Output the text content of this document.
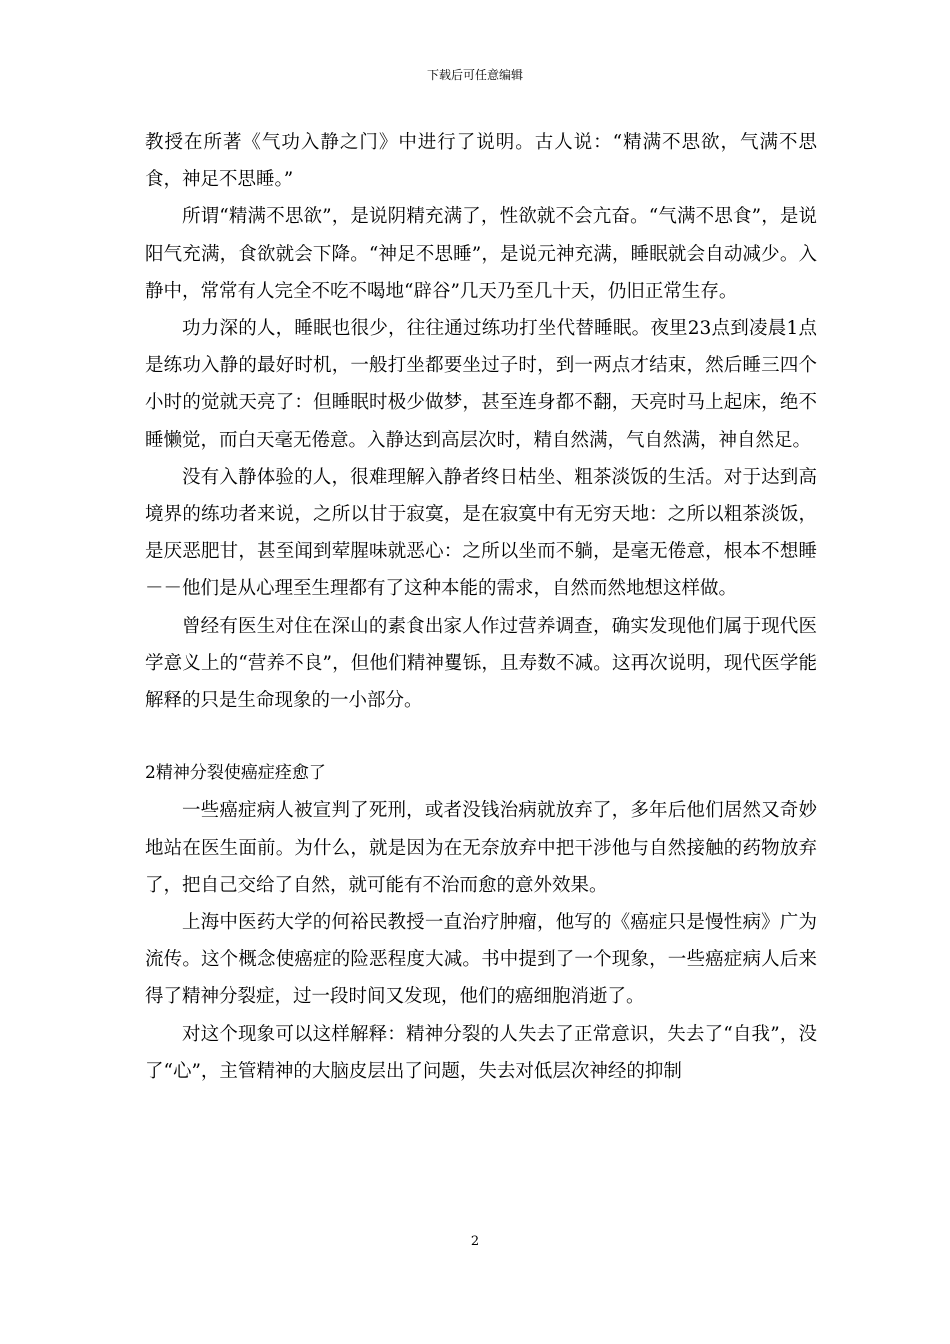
下载后可任意编辑

教授在所著《气功入静之门》中进行了说明。古人说：“精满不思欲，气满不思食，神足不思睡。”

所谓“精满不思欲”，是说阴精充满了，性欲就不会亢奋。“气满不思食”，是说阳气充满，食欲就会下降。“神足不思睡”，是说元神充满，睡眠就会自动减少。入静中，常常有人完全不吃不喝地“辟谷”几天乃至几十天，仍旧正常生存。

功力深的人，睡眠也很少，往往通过练功打坐代替睡眠。夜里23点到凌晨1点是练功入静的最好时机，一般打坐都要坐过子时，到一两点才结束，然后睡三四个小时的觉就天亮了：但睡眠时极少做梦，甚至连身都不翻，天亮时马上起床，绝不睡懒觉，而白天毫无倦意。入静达到高层次时，精自然满，气自然满，神自然足。

没有入静体验的人，很难理解入静者终日枯坐、粗茶淡饭的生活。对于达到高境界的练功者来说，之所以甘于寂寞，是在寂寞中有无穷天地：之所以粗茶淡饭，是厌恶肥甘，甚至闻到荤腥味就恶心：之所以坐而不躺，是毫无倦意，根本不想睡－－他们是从心理至生理都有了这种本能的需求，自然而然地想这样做。

曾经有医生对住在深山的素食出家人作过营养调查，确实发现他们属于现代医学意义上的“营养不良”，但他们精神矍铄，且寿数不减。这再次说明，现代医学能解释的只是生命现象的一小部分。

2精神分裂使癌症痊愈了

一些癌症病人被宣判了死刑，或者没钱治病就放弃了，多年后他们居然又奇妙地站在医生面前。为什么，就是因为在无奈放弃中把干涉他与自然接触的药物放弃了，把自己交给了自然，就可能有不治而愈的意外效果。

上海中医药大学的何裕民教授一直治疗肿瘤，他写的《癌症只是慢性病》广为流传。这个概念使癌症的险恶程度大减。书中提到了一个现象，一些癌症病人后来得了精神分裂症，过一段时间又发现，他们的癌细胞消逝了。

对这个现象可以这样解释：精神分裂的人失去了正常意识，失去了“自我”，没了“心”，主管精神的大脑皮层出了问题，失去对低层次神经的抑制

2
